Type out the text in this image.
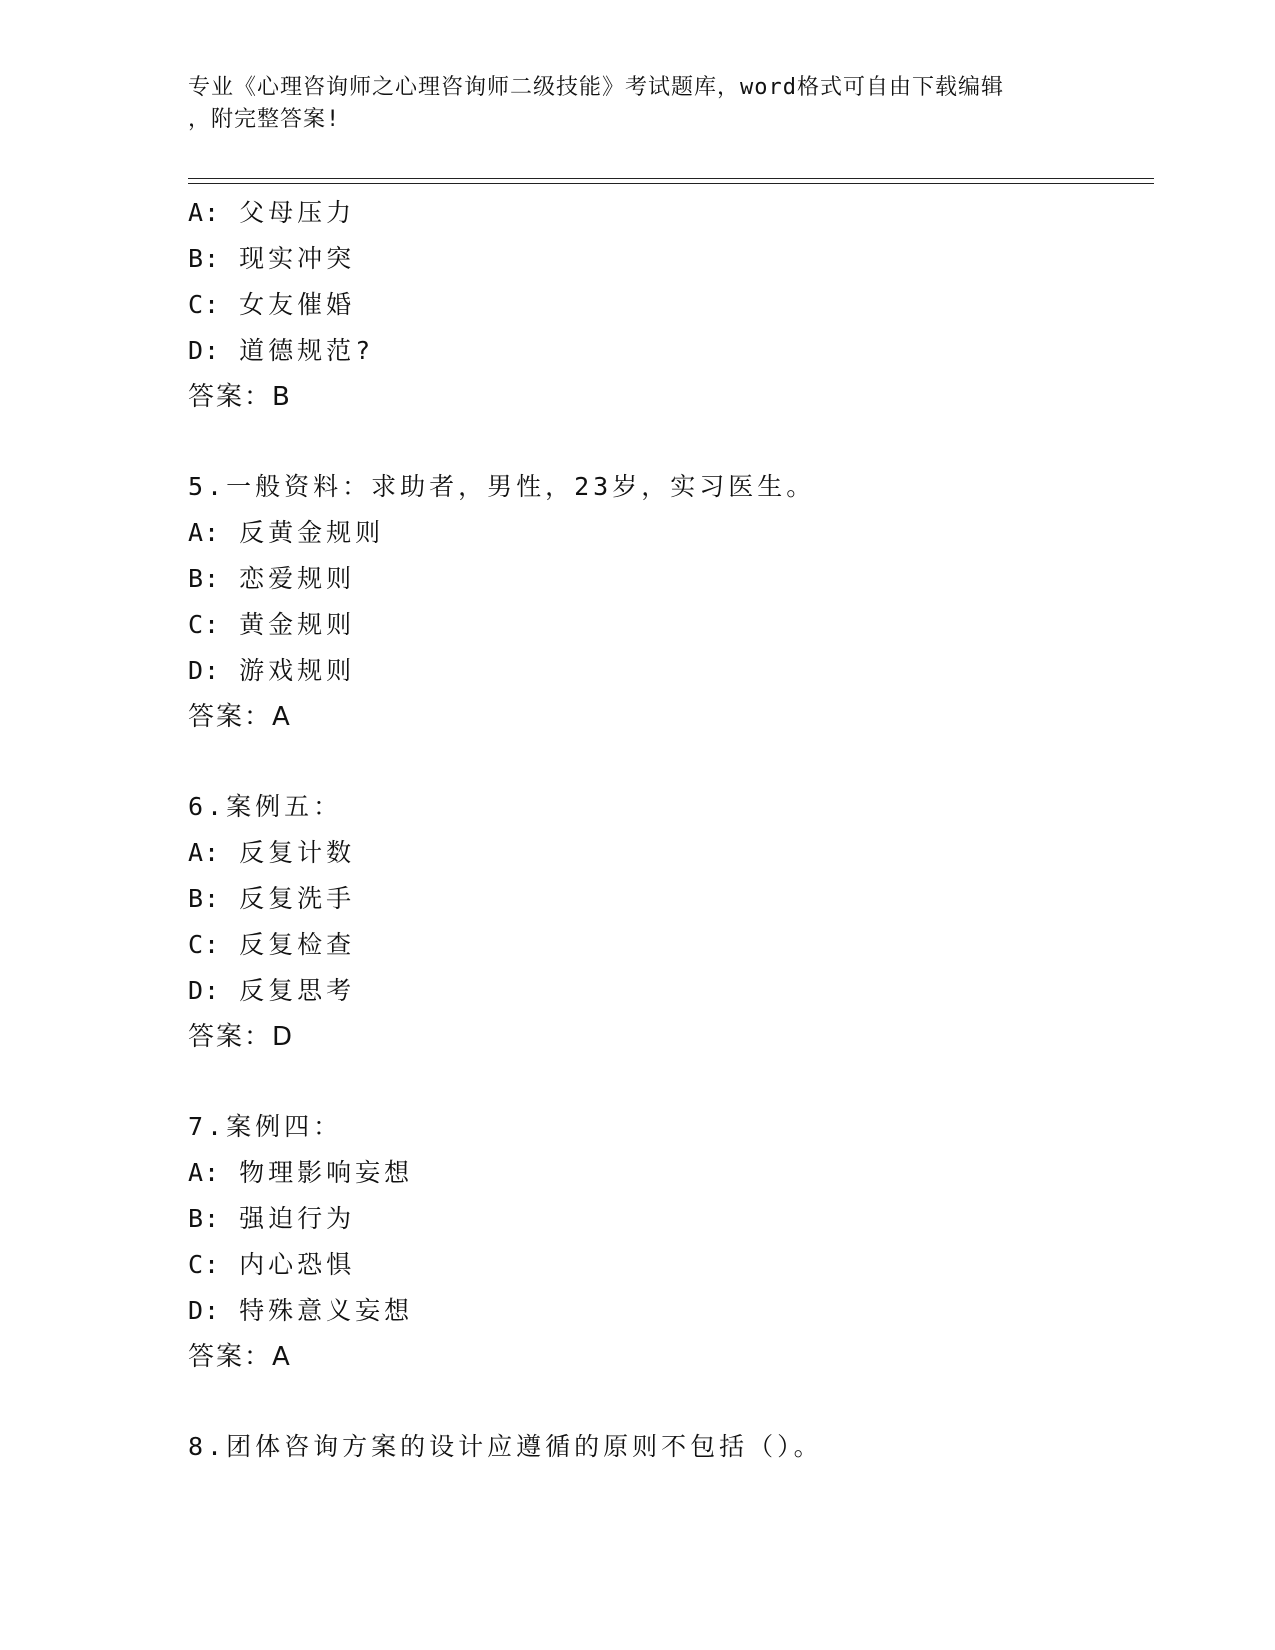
专业《心理咨询师之心理咨询师二级技能》考试题库，word格式可自由下载编辑
，附完整答案!
A: 父母压力
B: 现实冲突
C: 女友催婚
D: 道德规范?
答案：B
5.一般资料：求助者，男性，23岁，实习医生。
A: 反黄金规则
B: 恋爱规则
C: 黄金规则
D: 游戏规则
答案：A
6.案例五：
A: 反复计数
B: 反复洗手
C: 反复检查
D: 反复思考
答案：D
7.案例四：
A: 物理影响妄想
B: 强迫行为
C: 内心恐惧
D: 特殊意义妄想
答案：A
8.团体咨询方案的设计应遵循的原则不包括（）。
